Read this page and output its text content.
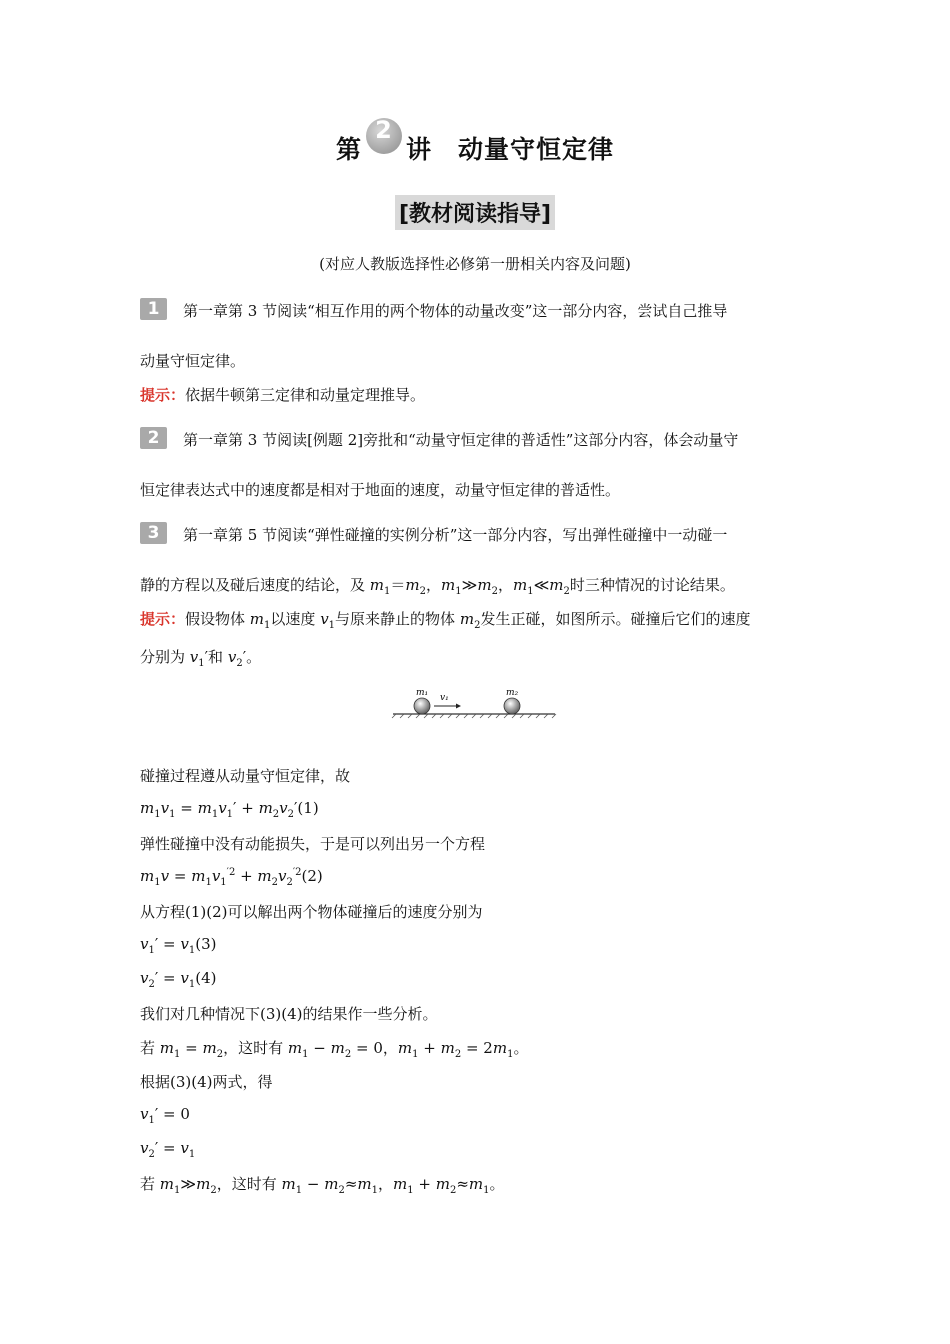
第
2
讲 动量守恒定律
[教材阅读指导]
(对应人教版选择性必修第一册相关内容及问题)
1 第一章第 3 节阅读“相互作用的两个物体的动量改变”这一部分内容，尝试自己推导
动量守恒定律。
提示：依据牛顿第三定律和动量定理推导。
2 第一章第 3 节阅读[例题 2]旁批和“动量守恒定律的普适性”这部分内容，体会动量守
恒定律表达式中的速度都是相对于地面的速度，动量守恒定律的普适性。
3 第一章第 5 节阅读“弹性碰撞的实例分析”这一部分内容，写出弹性碰撞中一动碰一
静的方程以及碰后速度的结论，及 $m_1=m_2$，$m_1≫m_2$，$m_1≪m_2$时三种情况的讨论结果。
提示：假设物体 $m_1$以速度 $v_1$与原来静止的物体 $m_2$发生正碰，如图所示。碰撞后它们的速度
分别为 $v_1'$和 $v_2'$。
m₁ v₁	m₂
碰撞过程遵从动量守恒定律，故
$m_1v_1 = m_1v_1' + m_2v_2'(1)$
弹性碰撞中没有动能损失，于是可以列出另一个方程
$m_1v = m_1v_1^{'2} + m_2v_2^{'2}(2)$
从方程(1)(2)可以解出两个物体碰撞后的速度分别为
$v_1' = v_1(3)$
$v_2' = v_1(4)$
我们对几种情况下(3)(4)的结果作一些分析。
若 $m_1 = m_2$，这时有 $m_1 - m_2 = 0$，$m_1 + m_2 = 2m_1$。
根据(3)(4)两式，得
$v_1' = 0$
$v_2' = v_1$
若 $m_1≫m_2$，这时有 $m_1 - m_2\approx m_1$，$m_1 + m_2\approx m_1$。
